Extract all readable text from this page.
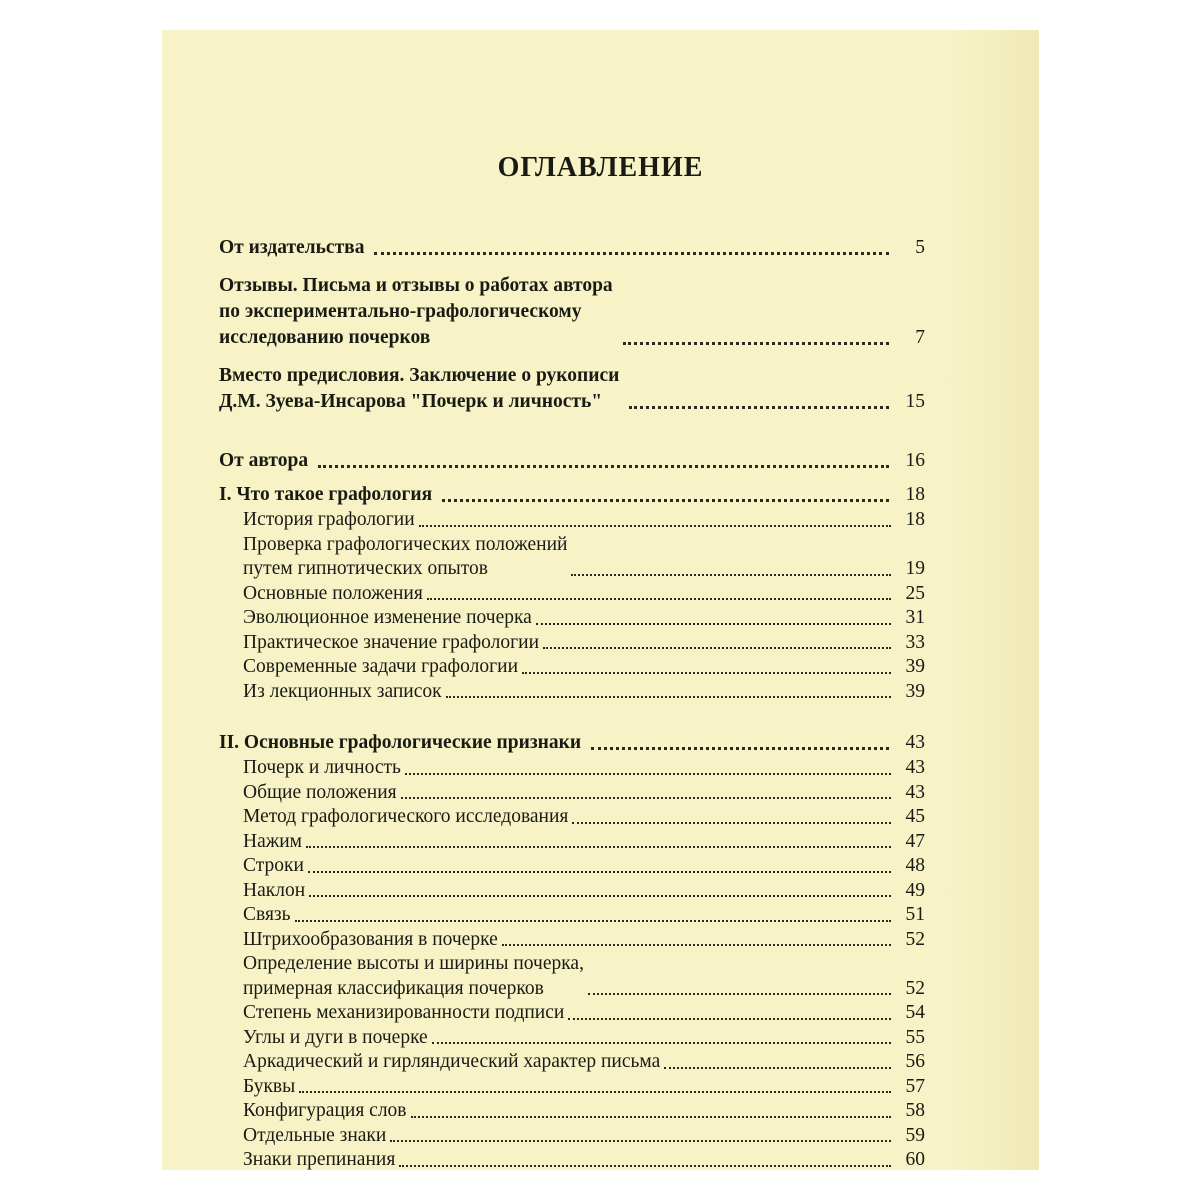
ОГЛАВЛЕНИЕ
От издательства	5
Отзывы. Письма и отзывы о работах автора
по экспериментально-графологическому
исследованию почерков	7
Вместо предисловия. Заключение о рукописи
Д.М. Зуева-Инсарова "Почерк и личность"	15
От автора	16
I. Что такое графология	18
История графологии	18
Проверка графологических положений
путем гипнотических опытов	19
Основные положения	25
Эволюционное изменение почерка	31
Практическое значение графологии	33
Современные задачи графологии	39
Из лекционных записок	39
II. Основные графологические признаки	43
Почерк и личность	43
Общие положения	43
Метод графологического исследования	45
Нажим	47
Строки	48
Наклон	49
Связь	51
Штрихообразования в почерке	52
Определение высоты и ширины почерка,
примерная классификация почерков	52
Степень механизированности подписи	54
Углы и дуги в почерке	55
Аркадический и гирляндический характер письма	56
Буквы	57
Конфигурация слов	58
Отдельные знаки	59
Знаки препинания	60
